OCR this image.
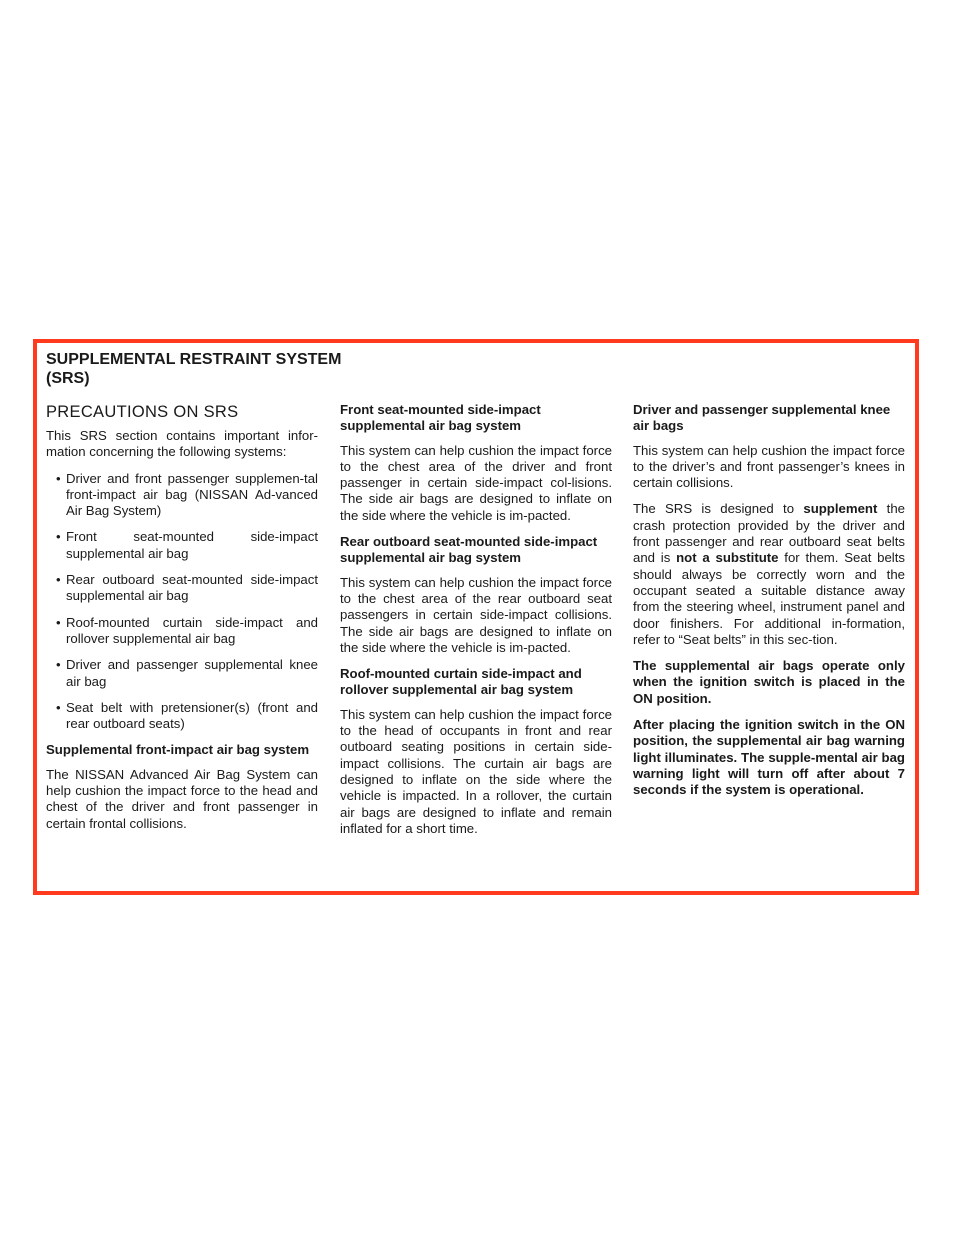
SUPPLEMENTAL RESTRAINT SYSTEM
(SRS)
PRECAUTIONS ON SRS

This SRS section contains important infor-mation concerning the following systems:

• Driver and front passenger supplemen-tal front-impact air bag (NISSAN Ad-vanced Air Bag System)
• Front seat-mounted side-impact supplemental air bag
• Rear outboard seat-mounted side-impact supplemental air bag
• Roof-mounted curtain side-impact and rollover supplemental air bag
• Driver and passenger supplemental knee air bag
• Seat belt with pretensioner(s) (front and rear outboard seats)
Supplemental front-impact air bag system

The NISSAN Advanced Air Bag System can help cushion the impact force to the head and chest of the driver and front passenger in certain frontal collisions.

Front seat-mounted side-impact supplemental air bag system

This system can help cushion the impact force to the chest area of the driver and front passenger in certain side-impact col-lisions. The side air bags are designed to inflate on the side where the vehicle is im-pacted.

Rear outboard seat-mounted side-impact supplemental air bag system

This system can help cushion the impact force to the chest area of the rear outboard seat passengers in certain side-impact collisions. The side air bags are designed to inflate on the side where the vehicle is im-pacted.

Roof-mounted curtain side-impact and rollover supplemental air bag system

This system can help cushion the impact force to the head of occupants in front and rear outboard seating positions in certain side-impact collisions. The curtain air bags are designed to inflate on the side where the vehicle is impacted. In a rollover, the curtain air bags are designed to inflate and remain inflated for a short time.

Driver and passenger supplemental knee air bags

This system can help cushion the impact force to the driver’s and front passenger’s knees in certain collisions.

The SRS is designed to supplement the crash protection provided by the driver and front passenger and rear outboard seat belts and is not a substitute for them. Seat belts should always be correctly worn and the occupant seated a suitable distance away from the steering wheel, instrument panel and door finishers. For additional in-formation, refer to “Seat belts” in this sec-tion.

The supplemental air bags operate only when the ignition switch is placed in the ON position.

After placing the ignition switch in the ON position, the supplemental air bag warning light illuminates. The supple-mental air bag warning light will turn off after about 7 seconds if the system is operational.
